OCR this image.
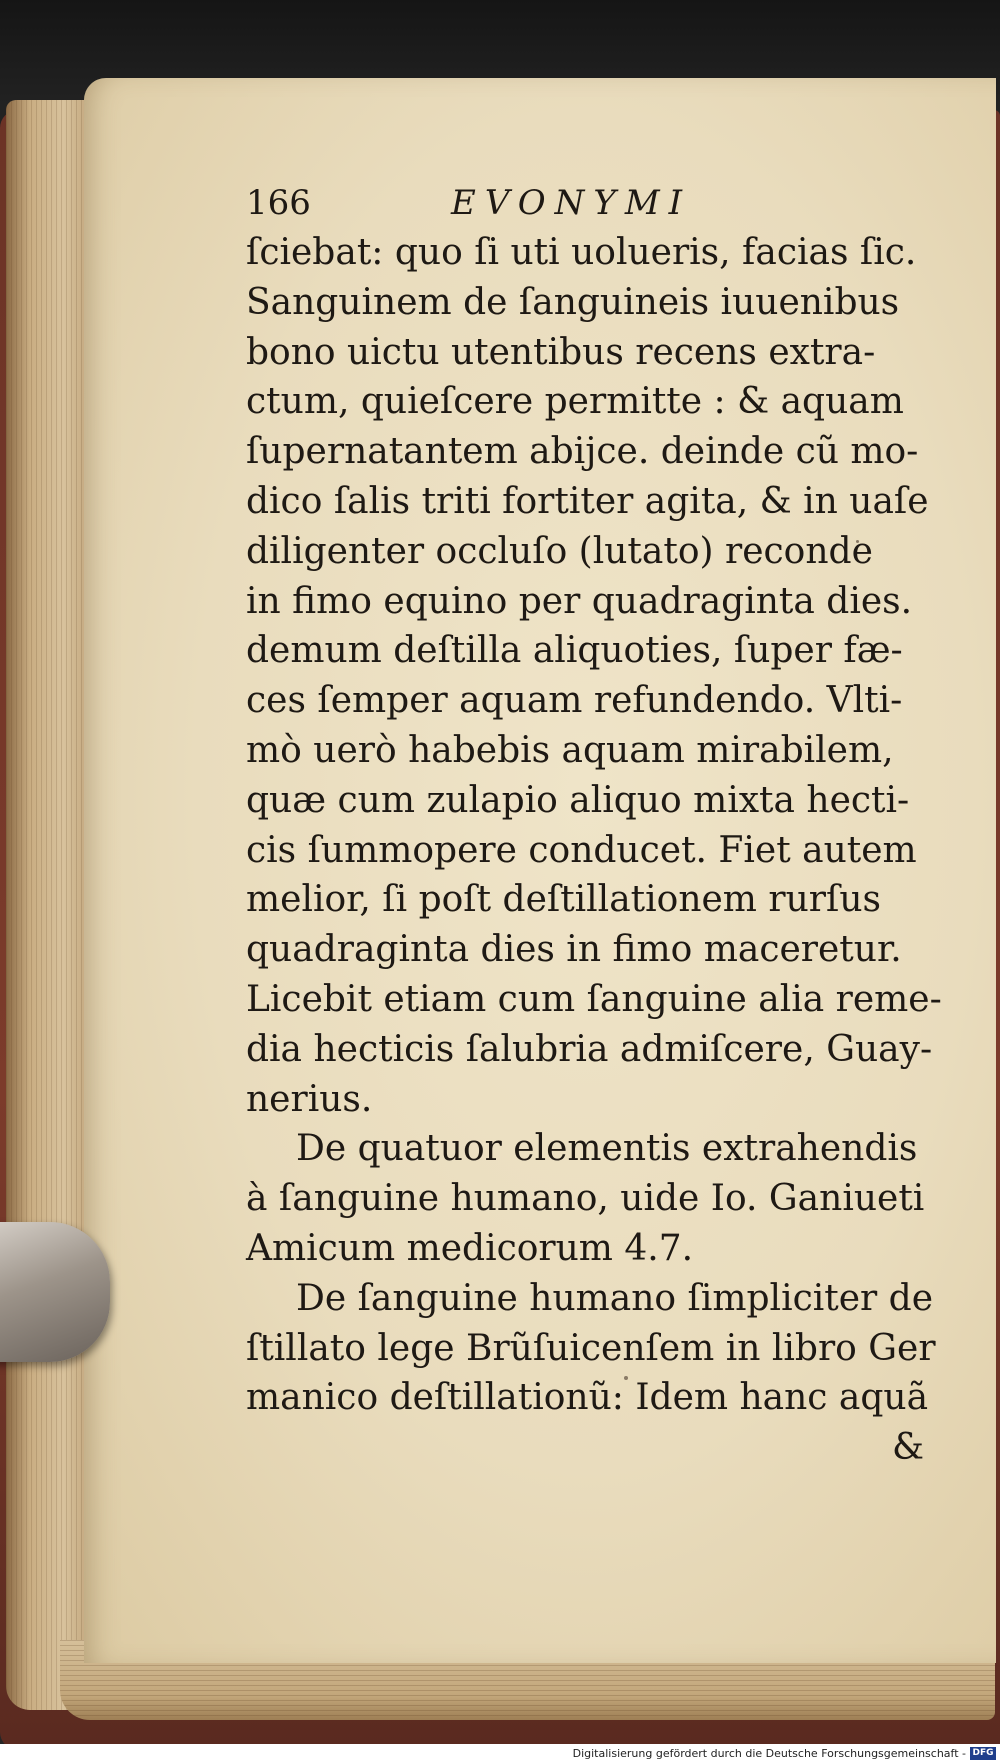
166	EVONYMI
ſciebat: quo ſi uti uolueris, facias ſic.
Sanguinem de ſanguineis iuuenibus
bono uictu utentibus recens extra-
ctum, quieſcere permitte : & aquam
ſupernatantem abijce. deinde cũ mo-
dico ſalis triti fortiter agita, & in uaſe
diligenter occluſo (lutato) reconde
in fimo equino per quadraginta dies.
demum deſtilla aliquoties, ſuper fæ-
ces ſemper aquam refundendo. Vlti-
mò uerò habebis aquam mirabilem,
quæ cum zulapio aliquo mixta hecti-
cis ſummopere conducet. Fiet autem
melior, ſi poſt deſtillationem rurſus
quadraginta dies in fimo maceretur.
Licebit etiam cum ſanguine alia reme-
dia hecticis ſalubria admiſcere, Guay-
nerius.
De quatuor elementis extrahendis
à ſanguine humano, uide Io. Ganiueti
Amicum medicorum 4.7.
De ſanguine humano ſimpliciter de
ſtillato lege Brũſuicenſem in libro Ger
manico deſtillationũ: Idem hanc aquã
&
Digitalisierung gefördert durch die Deutsche Forschungsgemeinschaft - DFG
